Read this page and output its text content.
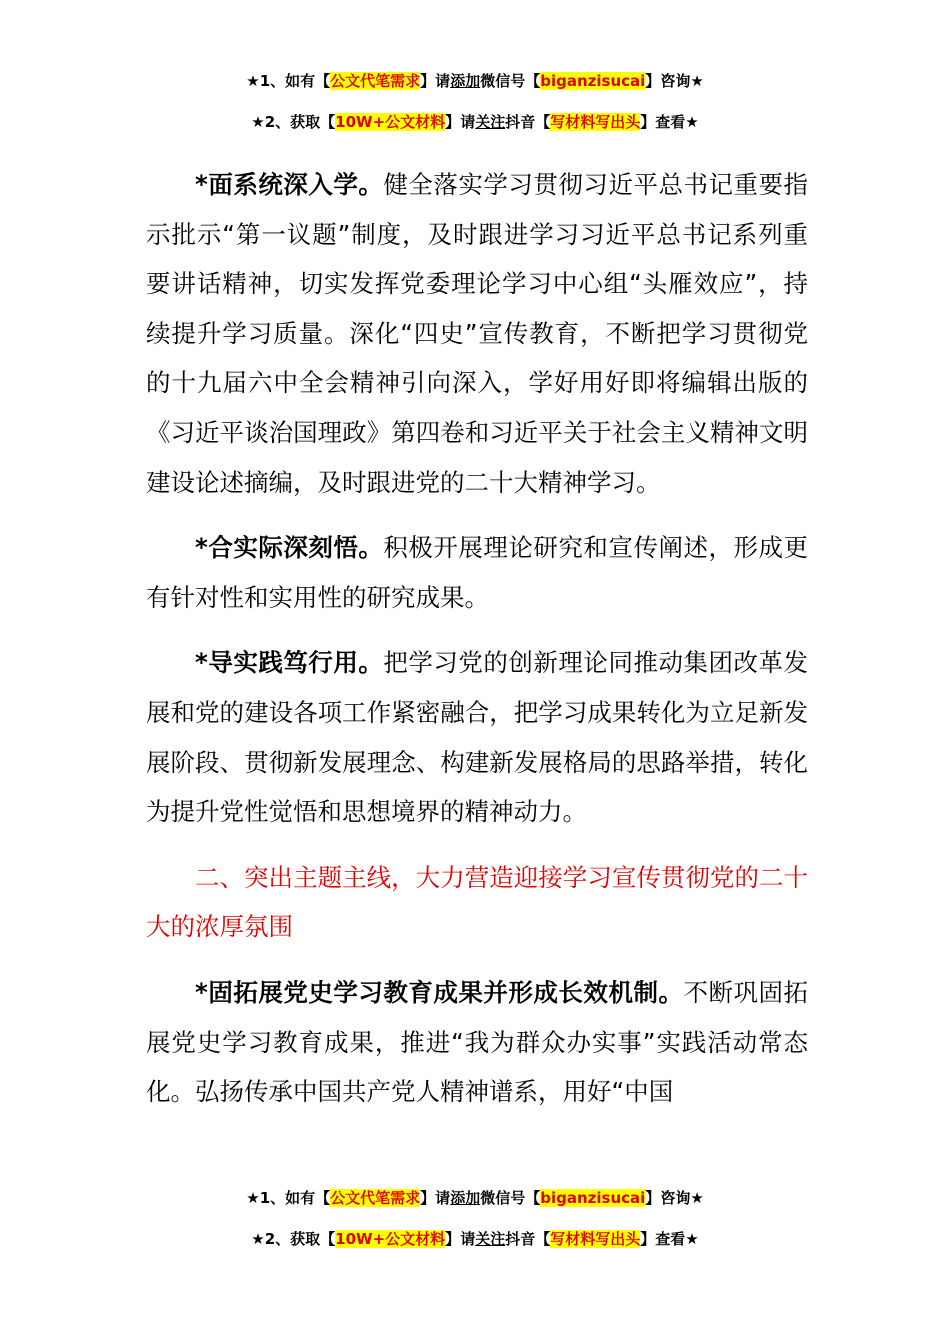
★1、如有【公文代笔需求】请添加微信号【biganzisucai】咨询★
★2、获取【10W+公文材料】请关注抖音【写材料写出头】查看★

*面系统深入学。健全落实学习贯彻习近平总书记重要指示批示“第一议题”制度，及时跟进学习习近平总书记系列重要讲话精神，切实发挥党委理论学习中心组“头雁效应”，持续提升学习质量。深化“四史”宣传教育，不断把学习贯彻党的十九届六中全会精神引向深入，学好用好即将编辑出版的《习近平谈治国理政》第四卷和习近平关于社会主义精神文明建设论述摘编，及时跟进党的二十大精神学习。

*合实际深刻悟。积极开展理论研究和宣传阐述，形成更有针对性和实用性的研究成果。

*导实践笃行用。把学习党的创新理论同推动集团改革发展和党的建设各项工作紧密融合，把学习成果转化为立足新发展阶段、贯彻新发展理念、构建新发展格局的思路举措，转化为提升党性觉悟和思想境界的精神动力。

二、突出主题主线，大力营造迎接学习宣传贯彻党的二十大的浓厚氛围

*固拓展党史学习教育成果并形成长效机制。不断巩固拓展党史学习教育成果，推进“我为群众办实事”实践活动常态化。弘扬传承中国共产党人精神谱系，用好“中国

★1、如有【公文代笔需求】请添加微信号【biganzisucai】咨询★
★2、获取【10W+公文材料】请关注抖音【写材料写出头】查看★
